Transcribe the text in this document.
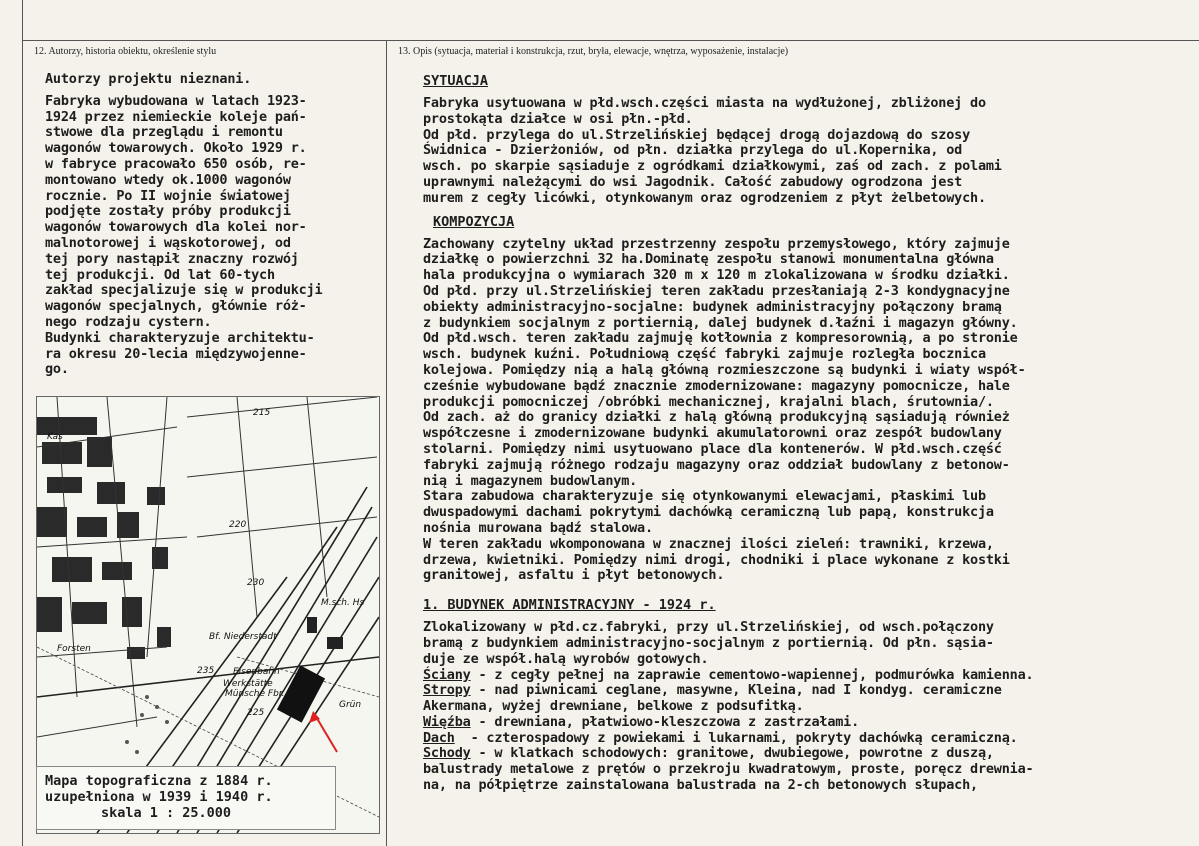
12. Autorzy, historia obiektu, określenie stylu	13. Opis (sytuacja, materiał i konstrukcja, rzut, bryła, elewacje, wnętrza, wyposażenie, instalacje)
Autorzy projektu nieznani.
Fabryka wybudowana w latach 1923-
1924 przez niemieckie koleje pań-
stwowe dla przeglądu i remontu
wagonów towarowych. Około 1929 r.
w fabryce pracowało 650 osób, re-
montowano wtedy ok.1000 wagonów
rocznie. Po II wojnie światowej
podjęte zostały próby produkcji
wagonów towarowych dla kolei nor-
malnotorowej i wąskotorowej, od
tej pory nastąpił znaczny rozwój
tej produkcji. Od lat 60-tych
zakład specjalizuje się w produkcji
wagonów specjalnych, głównie róż-
nego rodzaju cystern.
Budynki charakteryzuje architektu-
ra okresu 20-lecia międzywojenne-
go.
Bf. Niederstadt
Eisenbahn
Werkstätte
Münsche Fbr.
Forsten
Grün
M.sch. Hs
Kas
215
220
225
230
235
Mapa topograficzna z 1884 r.
uzupełniona w 1939 i 1940 r.
skala 1 : 25.000
SYTUACJA
Fabryka usytuowana w płd.wsch.części miasta na wydłużonej, zbliżonej do
prostokąta działce w osi płn.-płd.
Od płd. przylega do ul.Strzelińskiej będącej drogą dojazdową do szosy
Świdnica - Dzierżoniów, od płn. działka przylega do ul.Kopernika, od
wsch. po skarpie sąsiaduje z ogródkami działkowymi, zaś od zach. z polami
uprawnymi należącymi do wsi Jagodnik. Całość zabudowy ogrodzona jest
murem z cegły licówki, otynkowanym oraz ogrodzeniem z płyt żelbetowych.
KOMPOZYCJA
Zachowany czytelny układ przestrzenny zespołu przemysłowego, który zajmuje
działkę o powierzchni 32 ha.Dominatę zespołu stanowi monumentalna główna
hala produkcyjna o wymiarach 320 m x 120 m zlokalizowana w środku działki.
Od płd. przy ul.Strzelińskiej teren zakładu przesłaniają 2-3 kondygnacyjne
obiekty administracyjno-socjalne: budynek administracyjny połączony bramą
z budynkiem socjalnym z portiernią, dalej budynek d.łaźni i magazyn główny.
Od płd.wsch. teren zakładu zajmuję kotłownia z kompresorownią, a po stronie
wsch. budynek kuźni. Południową część fabryki zajmuje rozległa bocznica
kolejowa. Pomiędzy nią a halą główną rozmieszczone są budynki i wiaty współ-
cześnie wybudowane bądź znacznie zmodernizowane: magazyny pomocnicze, hale
produkcji pomocniczej /obróbki mechanicznej, krajalni blach, śrutownia/.
Od zach. aż do granicy działki z halą główną produkcyjną sąsiadują również
współczesne i zmodernizowane budynki akumulatorowni oraz zespół budowlany
stolarni. Pomiędzy nimi usytuowano place dla kontenerów. W płd.wsch.część
fabryki zajmują różnego rodzaju magazyny oraz oddział budowlany z betonow-
nią i magazynem budowlanym.
Stara zabudowa charakteryzuje się otynkowanymi elewacjami, płaskimi lub
dwuspadowymi dachami pokrytymi dachówką ceramiczną lub papą, konstrukcja
nośnia murowana bądź stalowa.
W teren zakładu wkomponowana w znacznej ilości zieleń: trawniki, krzewa,
drzewa, kwietniki. Pomiędzy nimi drogi, chodniki i place wykonane z kostki
granitowej, asfaltu i płyt betonowych.
1. BUDYNEK ADMINISTRACYJNY - 1924 r.
Zlokalizowany w płd.cz.fabryki, przy ul.Strzelińskiej, od wsch.połączony
bramą z budynkiem administracyjno-socjalnym z portiernią. Od płn. sąsia-
duje ze współ.halą wyrobów gotowych.
Ściany - z cegły pełnej na zaprawie cementowo-wapiennej, podmurówka kamienna.
Stropy - nad piwnicami ceglane, masywne, Kleina, nad I kondyg. ceramiczne
Akermana, wyżej drewniane, belkowe z podsufitką.
Więźba - drewniana, płatwiowo-kleszczowa z zastrzałami.
Dach  - czterospadowy z powiekami i lukarnami, pokryty dachówką ceramiczną.
Schody - w klatkach schodowych: granitowe, dwubiegowe, powrotne z duszą,
balustrady metalowe z prętów o przekroju kwadratowym, proste, poręcz drewnia-
na, na półpiętrze zainstalowana balustrada na 2-ch betonowych słupach,
